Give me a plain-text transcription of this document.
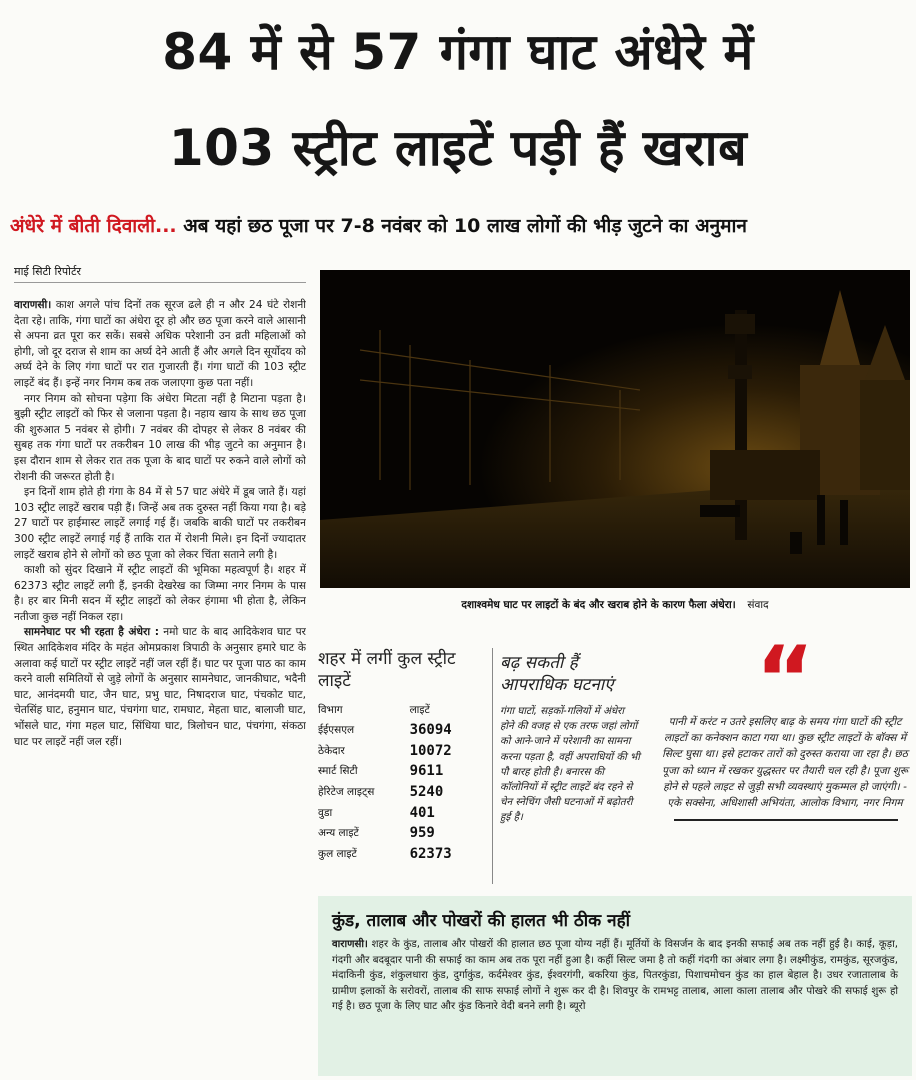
84 में से 57 गंगा घाट अंधेरे में
103 स्ट्रीट लाइटें पड़ी हैं खराब
अंधेरे में बीती दिवाली... अब यहां छठ पूजा पर 7-8 नवंबर को 10 लाख लोगों की भीड़ जुटने का अनुमान
माई सिटी रिपोर्टर

वाराणसी। काश अगले पांच दिनों तक सूरज ढले ही न और 24 घंटे रोशनी देता रहे। ताकि, गंगा घाटों का अंधेरा दूर हो और छठ पूजा करने वाले आसानी से अपना व्रत पूरा कर सकें। सबसे अधिक परेशानी उन व्रती महिलाओं को होगी, जो दूर दराज से शाम का अर्घ्य देने आती हैं और अगले दिन सूर्योदय को अर्घ्य देने के लिए गंगा घाटों पर रात गुजारती हैं। गंगा घाटों की 103 स्ट्रीट लाइटें बंद हैं। इन्हें नगर निगम कब तक जलाएगा कुछ पता नहीं।

नगर निगम को सोचना पड़ेगा कि अंधेरा मिटता नहीं है मिटाना पड़ता है। बुझी स्ट्रीट लाइटों को फिर से जलाना पड़ता है। नहाय खाय के साथ छठ पूजा की शुरुआत 5 नवंबर से होगी। 7 नवंबर की दोपहर से लेकर 8 नवंबर की सुबह तक गंगा घाटों पर तकरीबन 10 लाख की भीड़ जुटने का अनुमान है। इस दौरान शाम से लेकर रात तक पूजा के बाद घाटों पर रुकने वाले लोगों को रोशनी की जरूरत होती है।

इन दिनों शाम होते ही गंगा के 84 में से 57 घाट अंधेरे में डूब जाते हैं। यहां 103 स्ट्रीट लाइटें खराब पड़ी हैं। जिन्हें अब तक दुरुस्त नहीं किया गया है। बड़े 27 घाटों पर हाईमास्ट लाइटें लगाई गई हैं। जबकि बाकी घाटों पर तकरीबन 300 स्ट्रीट लाइटें लगाई गई हैं ताकि रात में रोशनी मिले। इन दिनों ज्यादातर लाइटें खराब होने से लोगों को छठ पूजा को लेकर चिंता सताने लगी है।

काशी को सुंदर दिखाने में स्ट्रीट लाइटों की भूमिका महत्वपूर्ण है। शहर में 62373 स्ट्रीट लाइटें लगी हैं, इनकी देखरेख का जिम्मा नगर निगम के पास है। हर बार मिनी सदन में स्ट्रीट लाइटों को लेकर हंगामा भी होता है, लेकिन नतीजा कुछ नहीं निकल रहा।

सामनेघाट पर भी रहता है अंधेरा : नमो घाट के बाद आदिकेशव घाट पर स्थित आदिकेशव मंदिर के महंत ओमप्रकाश त्रिपाठी के अनुसार हमारे घाट के अलावा कई घाटों पर स्ट्रीट लाइटें नहीं जल रहीं हैं। घाट पर पूजा पाठ का काम करने वाली समितियों से जुड़े लोगों के अनुसार सामनेघाट, जानकीघाट, भदैनी घाट, आनंदमयी घाट, जैन घाट, प्रभु घाट, निषादराज घाट, पंचकोट घाट, चेतसिंह घाट, हनुमान घाट, पंचगंगा घाट, रामघाट, मेहता घाट, बालाजी घाट, भोंसले घाट, गंगा महल घाट, सिंधिया घाट, त्रिलोचन घाट, पंचगंगा, संकठा घाट पर लाइटें नहीं जल रहीं।

दशाश्वमेध घाट पर लाइटों के बंद और खराब होने के कारण फैला अंधेरा। संवाद
शहर में लगीं कुल स्ट्रीट लाइटें
विभाग	लाइटें
ईईएसएल	36094
ठेकेदार	10072
स्मार्ट सिटी	9611
हेरिटेज लाइट्स	5240
वुडा	401
अन्य लाइटें	959
कुल लाइटें	62373
बढ़ सकती हैं आपराधिक घटनाएं
गंगा घाटों, सड़कों-गलियों में अंधेरा होने की वजह से एक तरफ जहां लोगों को आने-जाने में परेशानी का सामना करना पड़ता है, वहीं अपराधियों की भी पौ बारह होती है। बनारस की कॉलोनियों में स्ट्रीट लाइटें बंद रहने से चेन स्नेचिंग जैसी घटनाओं में बढ़ोतरी हुई है।
“
पानी में करंट न उतरे इसलिए बाढ़ के समय गंगा घाटों की स्ट्रीट लाइटों का कनेक्शन काटा गया था। कुछ स्ट्रीट लाइटों के बॉक्स में सिल्ट घुसा था। इसे हटाकर तारों को दुरुस्त कराया जा रहा है। छठ पूजा को ध्यान में रखकर युद्धस्तर पर तैयारी चल रही है। पूजा शुरू होने से पहले लाइट से जुड़ी सभी व्यवस्थाएं मुकम्मल हो जाएंगी। - एके सक्सेना, अधिशासी अभियंता, आलोक विभाग, नगर निगम
कुंड, तालाब और पोखरों की हालत भी ठीक नहीं
वाराणसी। शहर के कुंड, तालाब और पोखरों की हालात छठ पूजा योग्य नहीं हैं। मूर्तियों के विसर्जन के बाद इनकी सफाई अब तक नहीं हुई है। काई, कूड़ा, गंदगी और बदबूदार पानी की सफाई का काम अब तक पूरा नहीं हुआ है। कहीं सिल्ट जमा है तो कहीं गंदगी का अंबार लगा है। लक्ष्मीकुंड, रामकुंड, सूरजकुंड, मंदाकिनी कुंड, शंकुलधारा कुंड, दुर्गाकुंड, कर्दमेश्वर कुंड, ईश्वरगंगी, बकरिया कुंड, पितरकुंडा, पिशाचमोचन कुंड का हाल बेहाल है। उधर रजातालाब के ग्रामीण इलाकों के सरोवरों, तालाब की साफ सफाई लोगों ने शुरू कर दी है। शिवपुर के रामभट्ट तालाब, आला काला तालाब और पोखरे की सफाई शुरू हो गई है। छठ पूजा के लिए घाट और कुंड किनारे वेदी बनने लगी है। ब्यूरो
